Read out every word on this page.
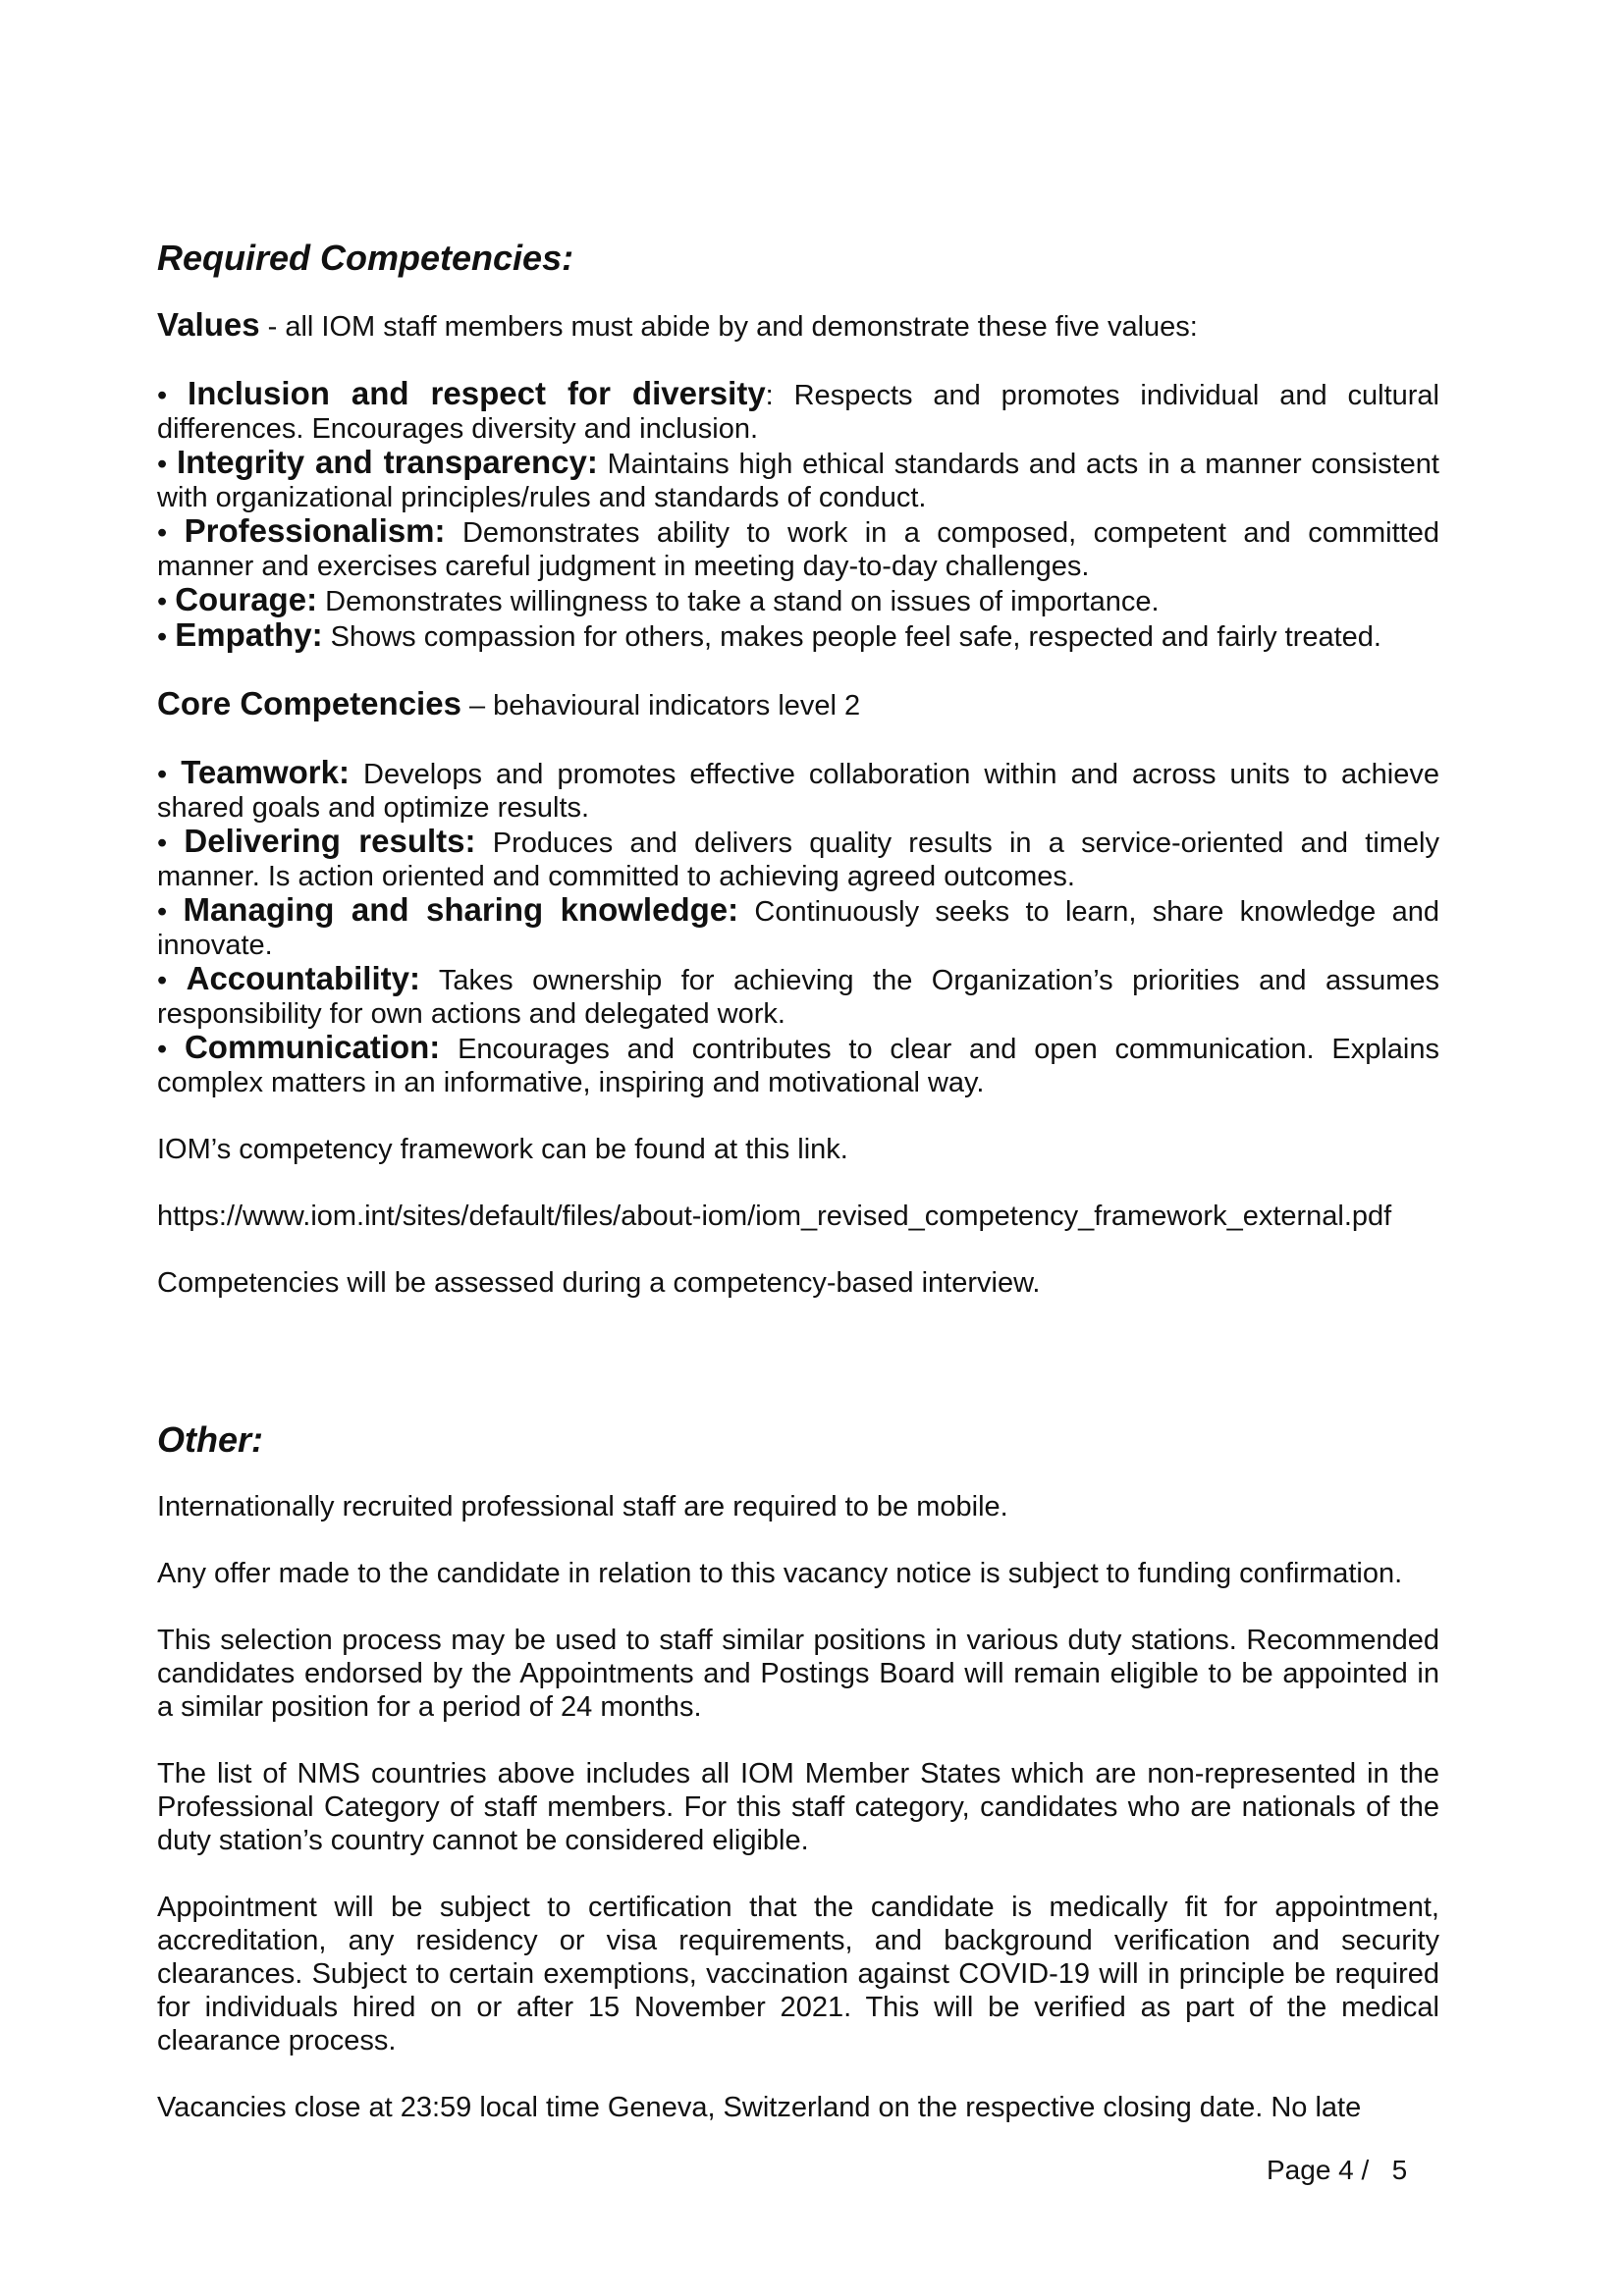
Required Competencies:

Values - all IOM staff members must abide by and demonstrate these five values:

• Inclusion and respect for diversity: Respects and promotes individual and cultural differences. Encourages diversity and inclusion.

• Integrity and transparency: Maintains high ethical standards and acts in a manner consistent with organizational principles/rules and standards of conduct.

• Professionalism: Demonstrates ability to work in a composed, competent and committed manner and exercises careful judgment in meeting day-to-day challenges.

• Courage: Demonstrates willingness to take a stand on issues of importance.

• Empathy: Shows compassion for others, makes people feel safe, respected and fairly treated.

Core Competencies – behavioural indicators level 2

• Teamwork: Develops and promotes effective collaboration within and across units to achieve shared goals and optimize results.

• Delivering results: Produces and delivers quality results in a service-oriented and timely manner. Is action oriented and committed to achieving agreed outcomes.

• Managing and sharing knowledge: Continuously seeks to learn, share knowledge and innovate.

• Accountability: Takes ownership for achieving the Organization’s priorities and assumes responsibility for own actions and delegated work.

• Communication: Encourages and contributes to clear and open communication. Explains complex matters in an informative, inspiring and motivational way.

IOM’s competency framework can be found at this link.

https://www.iom.int/sites/default/files/about-iom/iom_revised_competency_framework_external.pdf

Competencies will be assessed during a competency-based interview.

Other:

Internationally recruited professional staff are required to be mobile.

Any offer made to the candidate in relation to this vacancy notice is subject to funding confirmation.

This selection process may be used to staff similar positions in various duty stations. Recommended candidates endorsed by the Appointments and Postings Board will remain eligible to be appointed in a similar position for a period of 24 months.

The list of NMS countries above includes all IOM Member States which are non-represented in the Professional Category of staff members. For this staff category, candidates who are nationals of the duty station’s country cannot be considered eligible.

Appointment will be subject to certification that the candidate is medically fit for appointment, accreditation, any residency or visa requirements, and background verification and security clearances. Subject to certain exemptions, vaccination against COVID-19 will in principle be required for individuals hired on or after 15 November 2021. This will be verified as part of the medical clearance process.

Vacancies close at 23:59 local time Geneva, Switzerland on the respective closing date. No late

Page 4 /   5
